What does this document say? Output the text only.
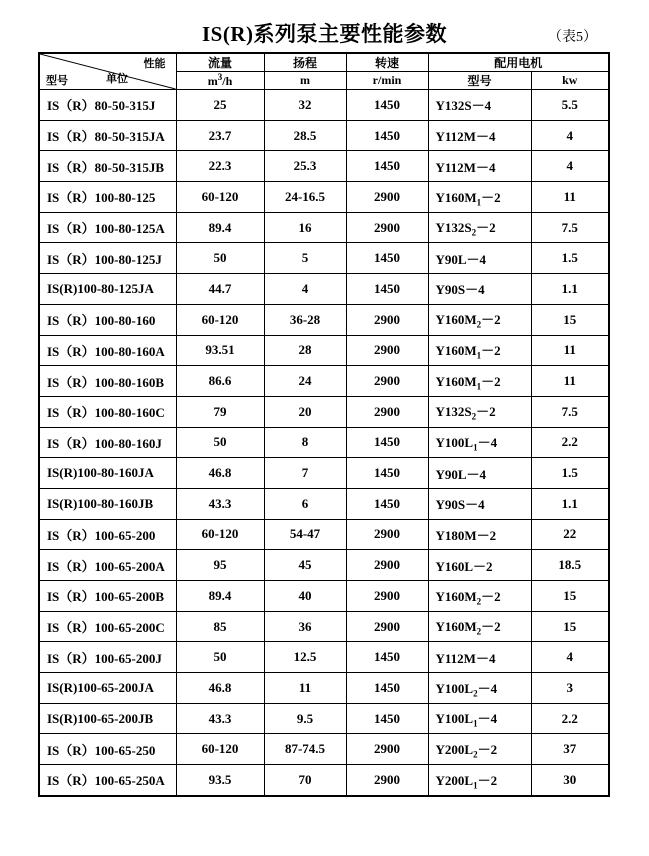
IS(R)系列泵主要性能参数	（表5）
性能
单位
型号	流量	扬程	转速	配用电机	
	$m^3/h$	m	r/min	型号	kw
IS（R）80-50-315J	25	32	1450	Y132S－4	5.5
IS（R）80-50-315JA	23.7	28.5	1450	Y112M－4	4
IS（R）80-50-315JB	22.3	25.3	1450	Y112M－4	4
IS（R）100-80-125	60-120	24-16.5	2900	$Y160M_1-2$	11
IS（R）100-80-125A	89.4	16	2900	$Y132S_2-2$	7.5
IS（R）100-80-125J	50	5	1450	Y90L－4	1.5
IS(R)100-80-125JA	44.7	4	1450	Y90S－4	1.1
IS（R）100-80-160	60-120	36-28	2900	$Y160M_2-2$	15
IS（R）100-80-160A	93.51	28	2900	$Y160M_1-2$	11
IS（R）100-80-160B	86.6	24	2900	$Y160M_1-2$	11
IS（R）100-80-160C	79	20	2900	$Y132S_2-2$	7.5
IS（R）100-80-160J	50	8	1450	$Y100L_1-4$	2.2
IS(R)100-80-160JA	46.8	7	1450	Y90L－4	1.5
IS(R)100-80-160JB	43.3	6	1450	Y90S－4	1.1
IS（R）100-65-200	60-120	54-47	2900	Y180M－2	22
IS（R）100-65-200A	95	45	2900	Y160L－2	18.5
IS（R）100-65-200B	89.4	40	2900	$Y160M_2-2$	15
IS（R）100-65-200C	85	36	2900	$Y160M_2-2$	15
IS（R）100-65-200J	50	12.5	1450	Y112M－4	4
IS(R)100-65-200JA	46.8	11	1450	$Y100L_2-4$	3
IS(R)100-65-200JB	43.3	9.5	1450	$Y100L_1-4$	2.2
IS（R）100-65-250	60-120	87-74.5	2900	$Y200L_2-2$	37
IS（R）100-65-250A	93.5	70	2900	$Y200L_1-2$	30
